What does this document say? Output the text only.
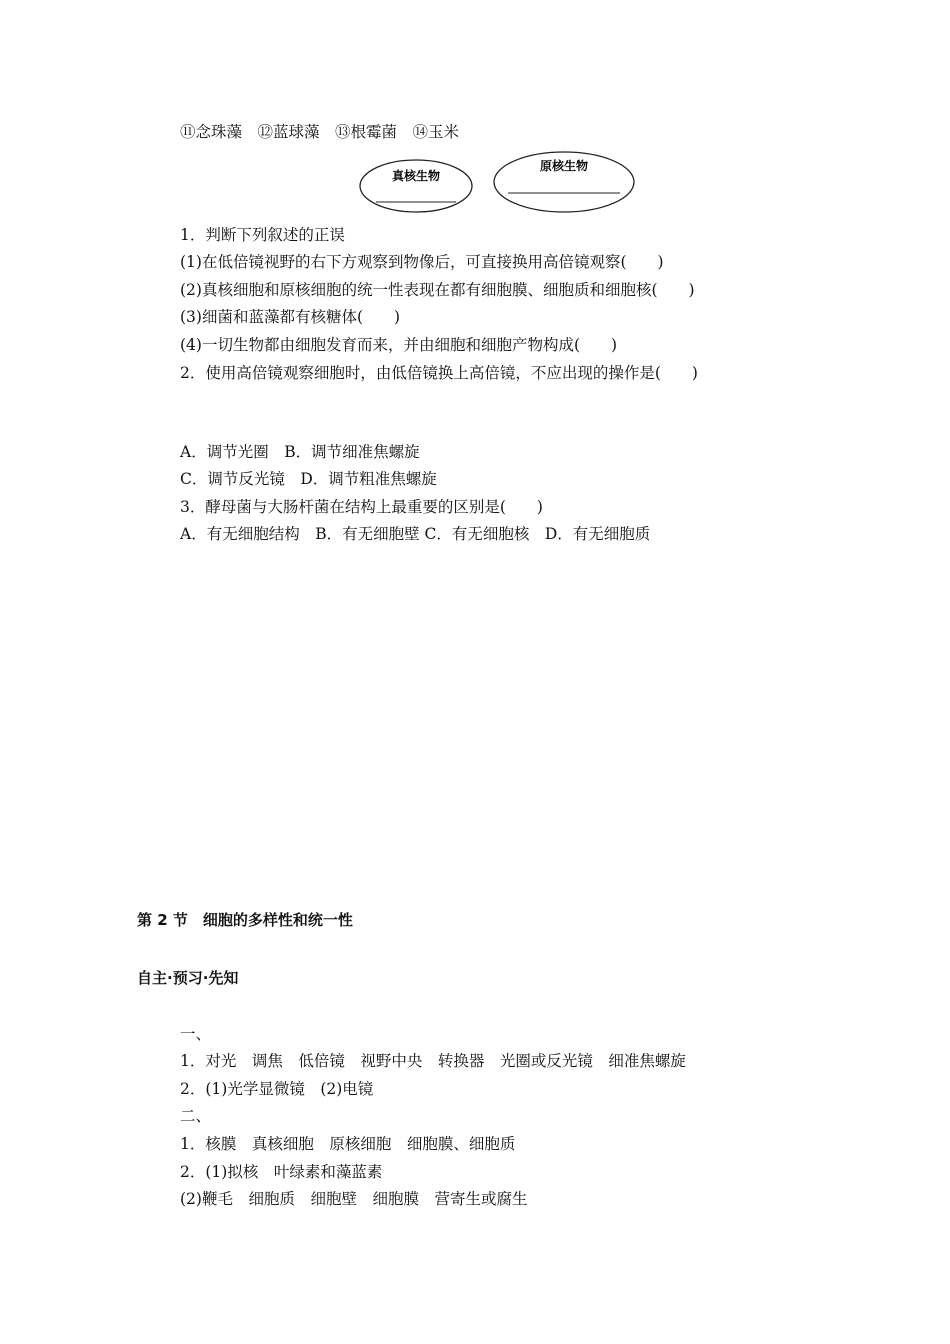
⑪念珠藻　⑫蓝球藻　⑬根霉菌　⑭玉米
真核生物
原核生物
1．判断下列叙述的正误
(1)在低倍镜视野的右下方观察到物像后，可直接换用高倍镜观察(　　)
(2)真核细胞和原核细胞的统一性表现在都有细胞膜、细胞质和细胞核(　　)
(3)细菌和蓝藻都有核糖体(　　)
(4)一切生物都由细胞发育而来，并由细胞和细胞产物构成(　　)
2．使用高倍镜观察细胞时，由低倍镜换上高倍镜，不应出现的操作是(　　)
A．调节光圈　B．调节细准焦螺旋
C．调节反光镜　D．调节粗准焦螺旋
3．酵母菌与大肠杆菌在结构上最重要的区别是(　　)
A．有无细胞结构　B．有无细胞壁 C．有无细胞核　D．有无细胞质
第 2 节　细胞的多样性和统一性
自主·预习·先知
一、
1．对光　调焦　低倍镜　视野中央　转换器　光圈或反光镜　细准焦螺旋
2．(1)光学显微镜　(2)电镜
二、
1．核膜　真核细胞　原核细胞　细胞膜、细胞质
2．(1)拟核　叶绿素和藻蓝素
(2)鞭毛　细胞质　细胞壁　细胞膜　营寄生或腐生
